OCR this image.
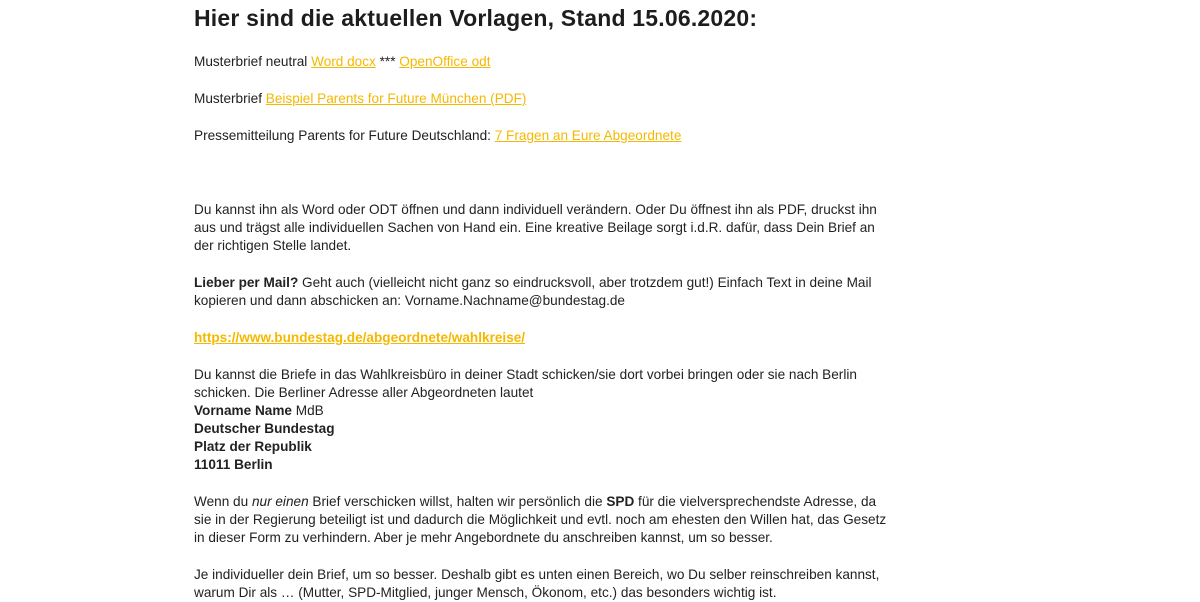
Hier sind die aktuellen Vorlagen, Stand 15.06.2020:

Musterbrief neutral Word docx *** OpenOffice odt

Musterbrief Beispiel Parents for Future München (PDF)

Pressemitteilung Parents for Future Deutschland: 7 Fragen an Eure Abgeordnete

Du kannst ihn als Word oder ODT öffnen und dann individuell verändern. Oder Du öffnest ihn als PDF, druckst ihn aus und trägst alle individuellen Sachen von Hand ein. Eine kreative Beilage sorgt i.d.R. dafür, dass Dein Brief an der richtigen Stelle landet.

Lieber per Mail? Geht auch (vielleicht nicht ganz so eindrucksvoll, aber trotzdem gut!) Einfach Text in deine Mail kopieren und dann abschicken an: Vorname.Nachname@bundestag.de

https://www.bundestag.de/abgeordnete/wahlkreise/

Du kannst die Briefe in das Wahlkreisbüro in deiner Stadt schicken/sie dort vorbei bringen oder sie nach Berlin schicken. Die Berliner Adresse aller Abgeordneten lautet
Vorname Name MdB
Deutscher Bundestag
Platz der Republik
11011 Berlin

Wenn du nur einen Brief verschicken willst, halten wir persönlich die SPD für die vielversprechendste Adresse, da sie in der Regierung beteiligt ist und dadurch die Möglichkeit und evtl. noch am ehesten den Willen hat, das Gesetz in dieser Form zu verhindern. Aber je mehr Angebordnete du anschreiben kannst, um so besser.

Je individueller dein Brief, um so besser. Deshalb gibt es unten einen Bereich, wo Du selber reinschreiben kannst, warum Dir als … (Mutter, SPD-Mitglied, junger Mensch, Ökonom, etc.) das besonders wichtig ist.
